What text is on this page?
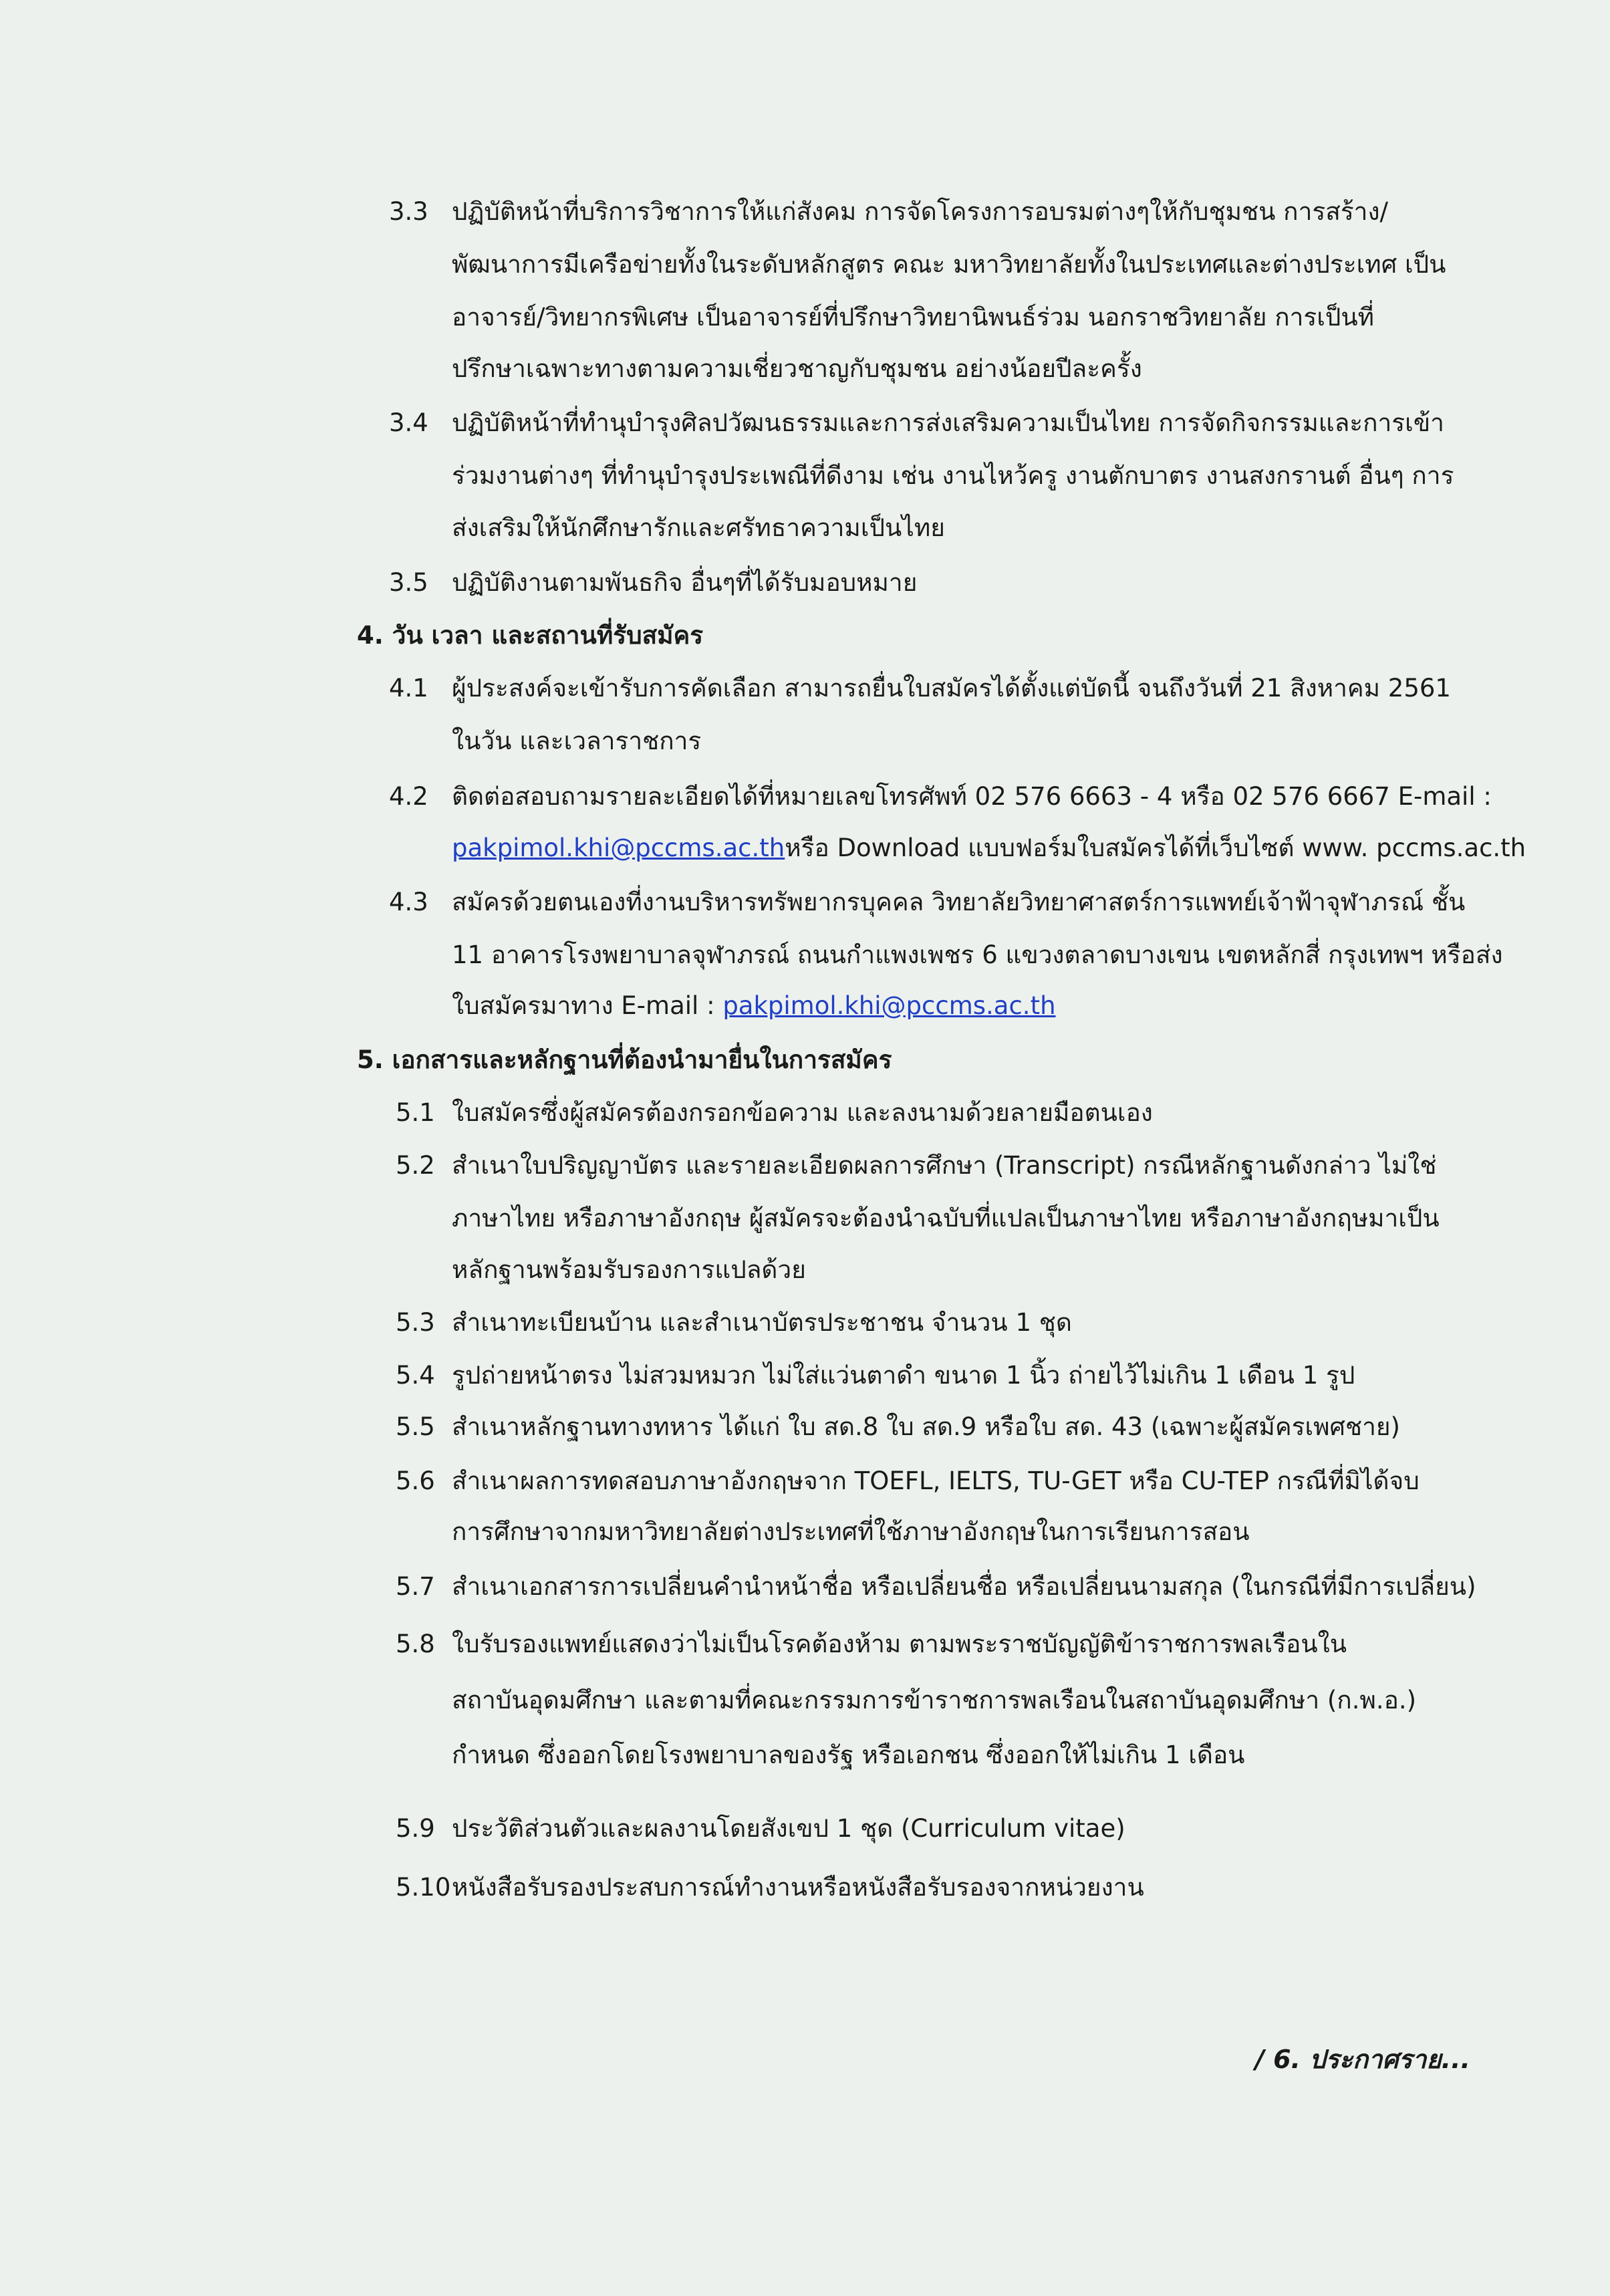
3.3 ปฏิบัติหน้าที่บริการวิชาการให้แก่สังคม การจัดโครงการอบรมต่างๆให้กับชุมชน การสร้าง/
พัฒนาการมีเครือข่ายทั้งในระดับหลักสูตร คณะ มหาวิทยาลัยทั้งในประเทศและต่างประเทศ เป็น
อาจารย์/วิทยากรพิเศษ เป็นอาจารย์ที่ปรึกษาวิทยานิพนธ์ร่วม นอกราชวิทยาลัย การเป็นที่
ปรึกษาเฉพาะทางตามความเชี่ยวชาญกับชุมชน อย่างน้อยปีละครั้ง
3.4 ปฏิบัติหน้าที่ทำนุบำรุงศิลปวัฒนธรรมและการส่งเสริมความเป็นไทย การจัดกิจกรรมและการเข้า
ร่วมงานต่างๆ ที่ทำนุบำรุงประเพณีที่ดีงาม เช่น งานไหว้ครู งานตักบาตร งานสงกรานต์ อื่นๆ การ
ส่งเสริมให้นักศึกษารักและศรัทธาความเป็นไทย
3.5 ปฏิบัติงานตามพันธกิจ อื่นๆที่ได้รับมอบหมาย
4. วัน เวลา และสถานที่รับสมัคร
4.1 ผู้ประสงค์จะเข้ารับการคัดเลือก สามารถยื่นใบสมัครได้ตั้งแต่บัดนี้ จนถึงวันที่ 21 สิงหาคม 2561
ในวัน และเวลาราชการ
4.2 ติดต่อสอบถามรายละเอียดได้ที่หมายเลขโทรศัพท์ 02 576 6663 - 4 หรือ 02 576 6667 E-mail :
pakpimol.khi@pccms.ac.thหรือ Download แบบฟอร์มใบสมัครได้ที่เว็บไซต์ www. pccms.ac.th
4.3 สมัครด้วยตนเองที่งานบริหารทรัพยากรบุคคล วิทยาลัยวิทยาศาสตร์การแพทย์เจ้าฟ้าจุฬาภรณ์ ชั้น
11 อาคารโรงพยาบาลจุฬาภรณ์ ถนนกำแพงเพชร 6 แขวงตลาดบางเขน เขตหลักสี่ กรุงเทพฯ หรือส่ง
ใบสมัครมาทาง E-mail : pakpimol.khi@pccms.ac.th
5. เอกสารและหลักฐานที่ต้องนำมายื่นในการสมัคร
5.1 ใบสมัครซึ่งผู้สมัครต้องกรอกข้อความ และลงนามด้วยลายมือตนเอง
5.2 สำเนาใบปริญญาบัตร และรายละเอียดผลการศึกษา (Transcript) กรณีหลักฐานดังกล่าว ไม่ใช่
ภาษาไทย หรือภาษาอังกฤษ ผู้สมัครจะต้องนำฉบับที่แปลเป็นภาษาไทย หรือภาษาอังกฤษมาเป็น
หลักฐานพร้อมรับรองการแปลด้วย
5.3 สำเนาทะเบียนบ้าน และสำเนาบัตรประชาชน จำนวน 1 ชุด
5.4 รูปถ่ายหน้าตรง ไม่สวมหมวก ไม่ใส่แว่นตาดำ ขนาด 1 นิ้ว ถ่ายไว้ไม่เกิน 1 เดือน 1 รูป
5.5 สำเนาหลักฐานทางทหาร ได้แก่ ใบ สด.8 ใบ สด.9 หรือใบ สด. 43 (เฉพาะผู้สมัครเพศชาย)
5.6 สำเนาผลการทดสอบภาษาอังกฤษจาก TOEFL, IELTS, TU-GET หรือ CU-TEP กรณีที่มิได้จบ
การศึกษาจากมหาวิทยาลัยต่างประเทศที่ใช้ภาษาอังกฤษในการเรียนการสอน
5.7 สำเนาเอกสารการเปลี่ยนคำนำหน้าชื่อ หรือเปลี่ยนชื่อ หรือเปลี่ยนนามสกุล (ในกรณีที่มีการเปลี่ยน)
5.8 ใบรับรองแพทย์แสดงว่าไม่เป็นโรคต้องห้าม ตามพระราชบัญญัติข้าราชการพลเรือนใน
สถาบันอุดมศึกษา และตามที่คณะกรรมการข้าราชการพลเรือนในสถาบันอุดมศึกษา (ก.พ.อ.)
กำหนด ซึ่งออกโดยโรงพยาบาลของรัฐ หรือเอกชน ซึ่งออกให้ไม่เกิน 1 เดือน
5.9 ประวัติส่วนตัวและผลงานโดยสังเขป 1 ชุด (Curriculum vitae)
5.10 หนังสือรับรองประสบการณ์ทำงานหรือหนังสือรับรองจากหน่วยงาน
/ 6. ประกาศราย...
